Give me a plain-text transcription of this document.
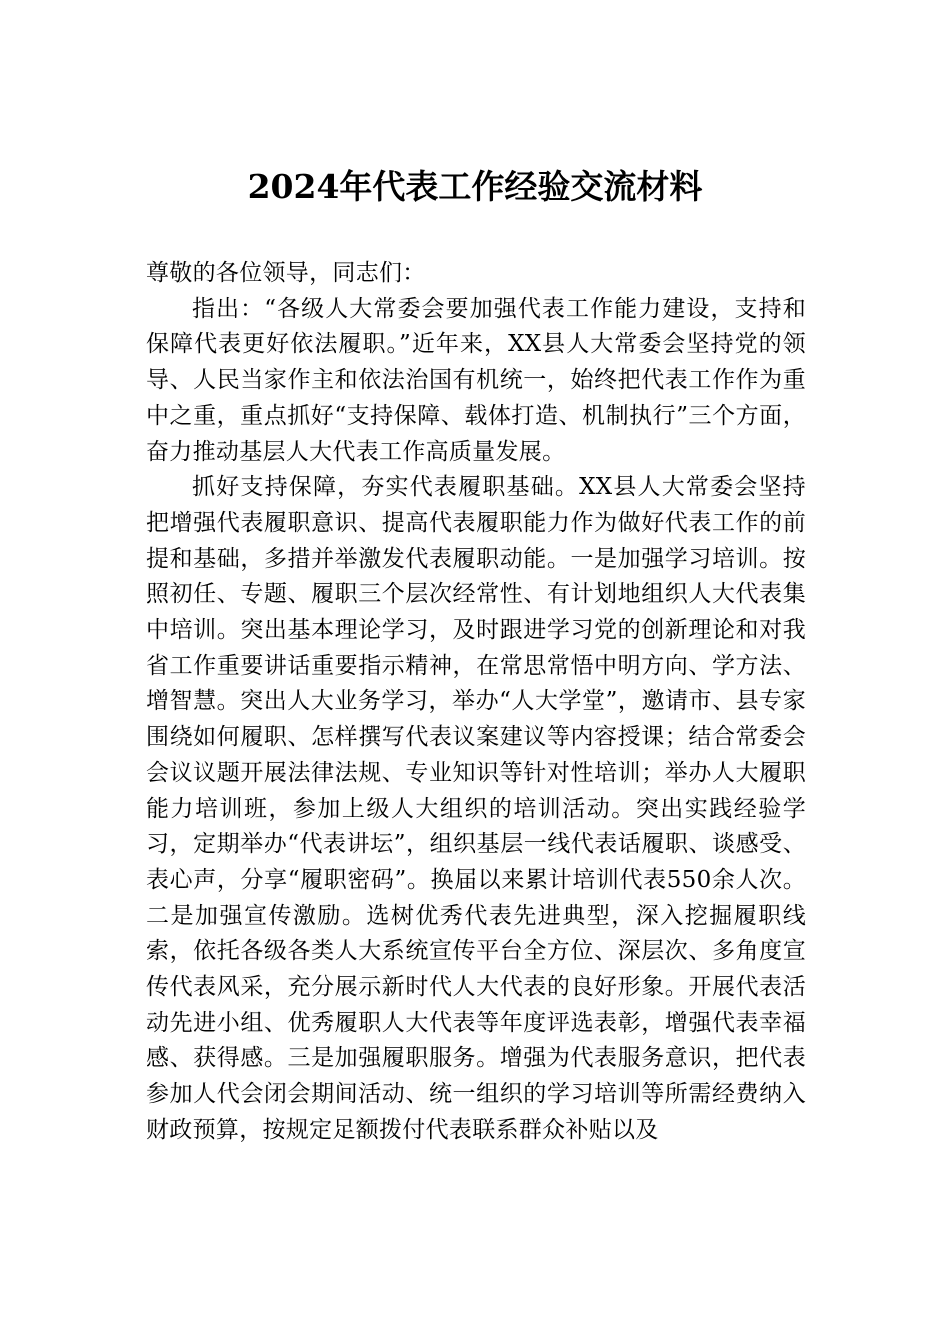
2024年代表工作经验交流材料

尊敬的各位领导，同志们：

指出：“各级人大常委会要加强代表工作能力建设，支持和保障代表更好依法履职。”近年来，XX县人大常委会坚持党的领导、人民当家作主和依法治国有机统一，始终把代表工作作为重中之重，重点抓好“支持保障、载体打造、机制执行”三个方面，奋力推动基层人大代表工作高质量发展。

抓好支持保障，夯实代表履职基础。XX县人大常委会坚持把增强代表履职意识、提高代表履职能力作为做好代表工作的前提和基础，多措并举激发代表履职动能。一是加强学习培训。按照初任、专题、履职三个层次经常性、有计划地组织人大代表集中培训。突出基本理论学习，及时跟进学习党的创新理论和对我省工作重要讲话重要指示精神，在常思常悟中明方向、学方法、增智慧。突出人大业务学习，举办“人大学堂”，邀请市、县专家围绕如何履职、怎样撰写代表议案建议等内容授课；结合常委会会议议题开展法律法规、专业知识等针对性培训；举办人大履职能力培训班，参加上级人大组织的培训活动。突出实践经验学习，定期举办“代表讲坛”，组织基层一线代表话履职、谈感受、表心声，分享“履职密码”。换届以来累计培训代表550余人次。二是加强宣传激励。选树优秀代表先进典型，深入挖掘履职线索，依托各级各类人大系统宣传平台全方位、深层次、多角度宣传代表风采，充分展示新时代人大代表的良好形象。开展代表活动先进小组、优秀履职人大代表等年度评选表彰，增强代表幸福感、获得感。三是加强履职服务。增强为代表服务意识，把代表参加人代会闭会期间活动、统一组织的学习培训等所需经费纳入财政预算，按规定足额拨付代表联系群众补贴以及
